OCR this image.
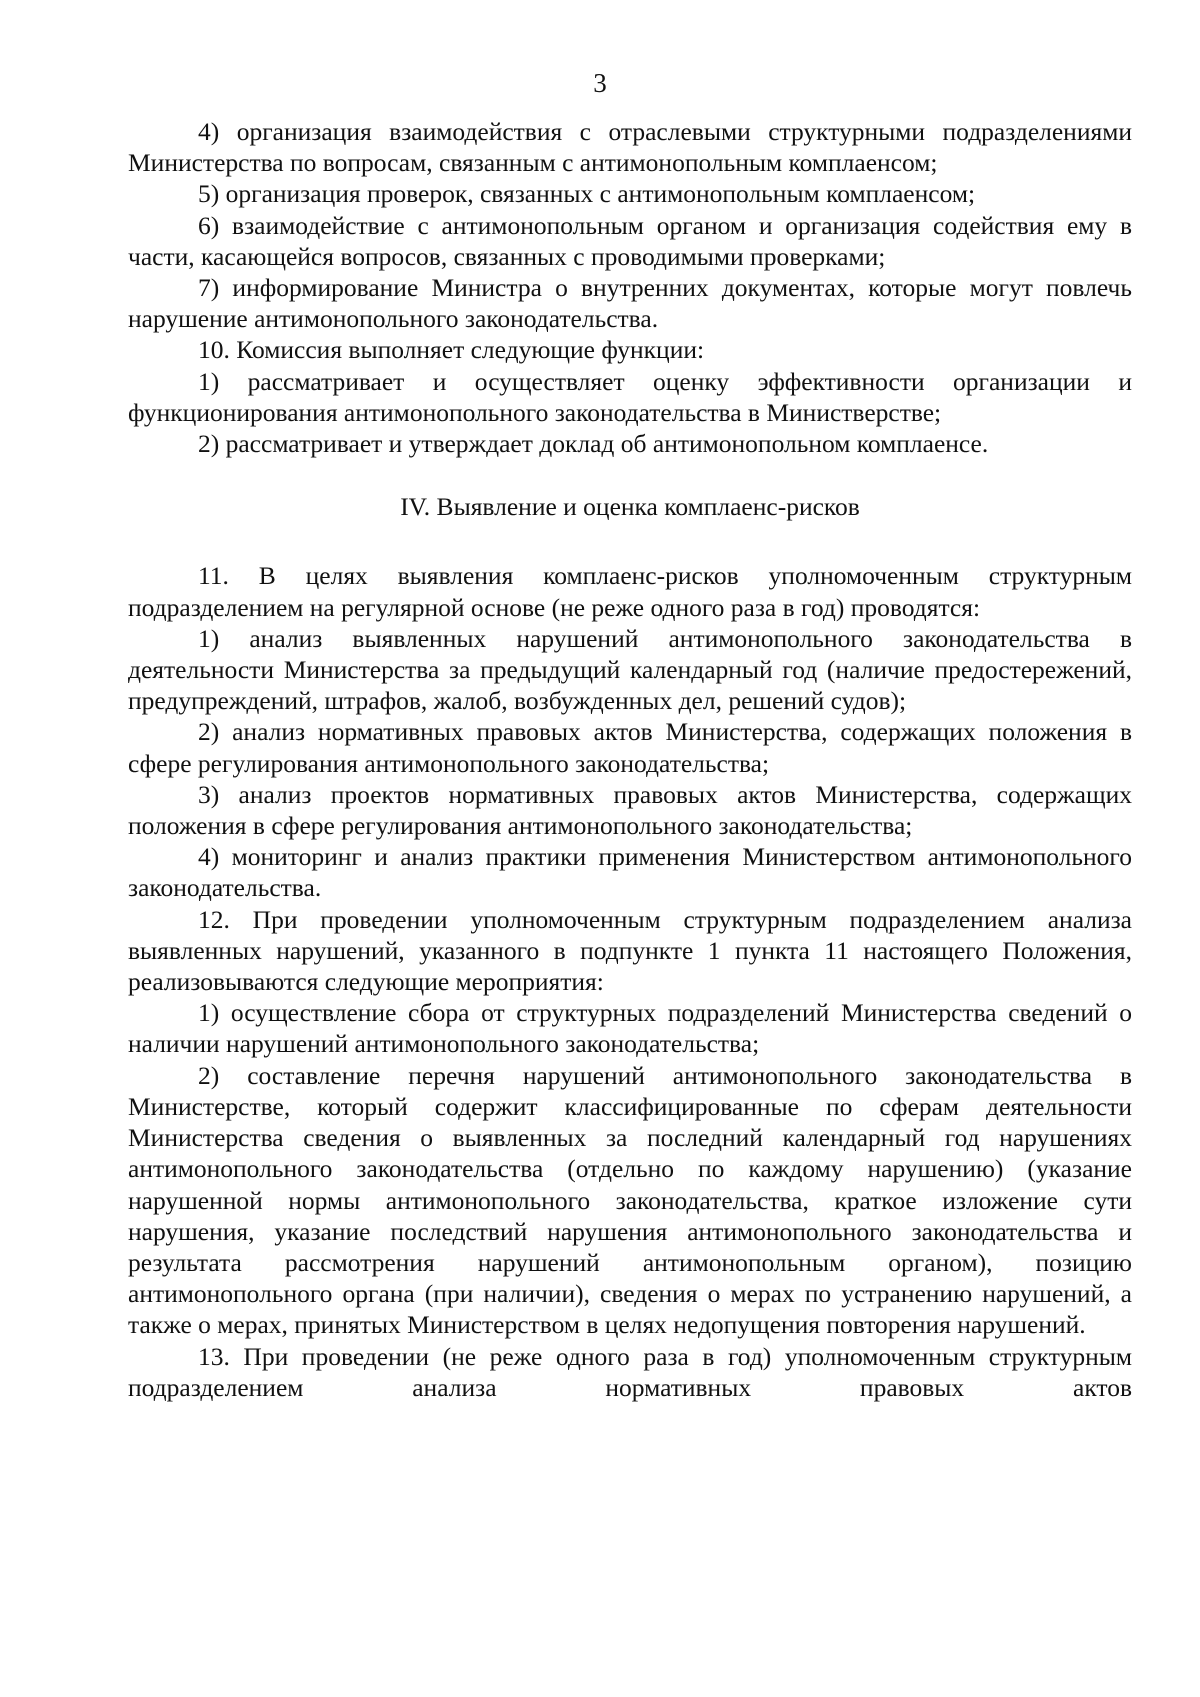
3

4) организация взаимодействия с отраслевыми структурными подразделениями Министерства по вопросам, связанным с антимонопольным комплаенсом;

5) организация проверок, связанных с антимонопольным комплаенсом;

6) взаимодействие с антимонопольным органом и организация содействия ему в части, касающейся вопросов, связанных с проводимыми проверками;

7) информирование Министра о внутренних документах, которые могут повлечь нарушение антимонопольного законодательства.

10. Комиссия выполняет следующие функции:

1) рассматривает и осуществляет оценку эффективности организации и функционирования антимонопольного законодательства в Министверстве;

2) рассматривает и утверждает доклад об антимонопольном комплаенсе.

IV. Выявление и оценка комплаенс-рисков

11. В целях выявления комплаенс-рисков уполномоченным структурным подразделением на регулярной основе (не реже одного раза в год) проводятся:

1) анализ выявленных нарушений антимонопольного законодательства в деятельности Министерства за предыдущий календарный год (наличие предостережений, предупреждений, штрафов, жалоб, возбужденных дел, решений судов);

2) анализ нормативных правовых актов Министерства, содержащих положения в сфере регулирования антимонопольного законодательства;

3) анализ проектов нормативных правовых актов Министерства, содержащих положения в сфере регулирования антимонопольного законодательства;

4) мониторинг и анализ практики применения Министерством антимонопольного законодательства.

12. При проведении уполномоченным структурным подразделением анализа выявленных нарушений, указанного в подпункте 1 пункта 11 настоящего Положения, реализовываются следующие мероприятия:

1) осуществление сбора от структурных подразделений Министерства сведений о наличии нарушений антимонопольного законодательства;

2) составление перечня нарушений антимонопольного законодательства в Министерстве, который содержит классифицированные по сферам деятельности Министерства сведения о выявленных за последний календарный год нарушениях антимонопольного законодательства (отдельно по каждому нарушению) (указание нарушенной нормы антимонопольного законодательства, краткое изложение сути нарушения, указание последствий нарушения антимонопольного законодательства и результата рассмотрения нарушений антимонопольным органом), позицию антимонопольного органа (при наличии), сведения о мерах по устранению нарушений, а также о мерах, принятых Министерством в целях недопущения повторения нарушений.

13. При проведении (не реже одного раза в год) уполномоченным структурным подразделением анализа нормативных правовых актов
